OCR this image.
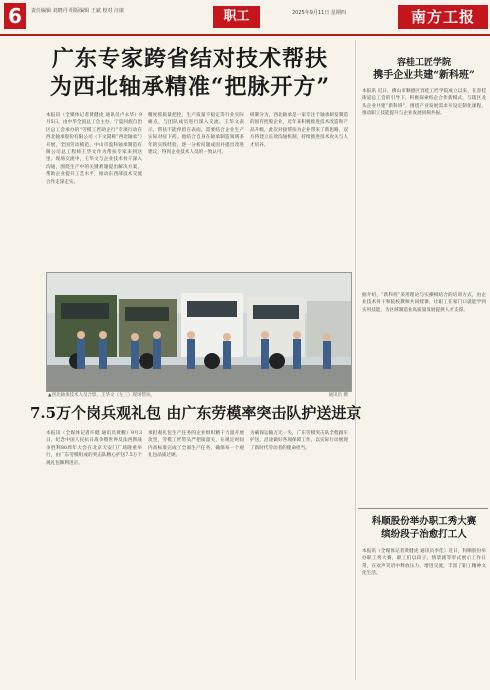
6	责任编辑 刘晓丹 组版编辑 王斌 校对 汪康	职工	2025年9月11日 星期四	南方工报
广东专家跨省结对技术帮扶
为西北轴承精准“把脉开方”
本报讯（全媒体记者黄健虎 通讯员卢永华）9月5日，由中华全国总工会主办、宁夏回族自治区总工会承办的“劳模工匠助企行”专项行动在西北轴承股份有限公司（下文简称“西北轴承”）开展，全国劳动模范、中山市盈科轴承制造有限公司总工程师王华文作为帮扶专家来到这里。现场交流中，王华文与企业技术骨干深入沟通，围绕生产中的关键难题提出解决方案，帮助企业提升工艺水平，推动东西部技术交流合作走深走实。
精度抓质量把控，生产质量不稳定等行业实际痛点，与团队成员进行深入交流。王华文表示，帮扶不能停留在表面，需要结合企业生产实际对症下药。他结合自身在轴承制造领域多年的实践经验，逐一分析问题成因并提出改进建议，得到企业技术人员的一致认可。
研制分为，西北轴承是一家专注于轴承研发制造的国有控股企业，近年来积极推进技术改造和产品升级，此次对接帮扶为企业带来了新思路，双方将建立长效沟通机制，持续推进技术攻关与人才培养。
▲西北轴承技术人员合影，王华文（左三）现场帮扶。	通讯员 摄
7.5万个岗兵观礼包 由广东劳模率突击队护送进京
本报讯（全媒体记者许健 通讯员黄鹏）9月3日，纪念中国人民抗日战争暨世界反法西斯战争胜利80周年大会在北京天安门广场隆重举行，由广东劳模组成的突击队精心护送7.5万个观礼包顺利进京。
承担观礼包生产任务的企业组织精干力量开展攻坚，劳模工匠带头严把质量关，在规定时间内高标准完成了全部生产任务，确保每一个观礼包品质过硬。
为确保运输万无一失，广东劳模突击队全程跟车护送，沿途做好各项保障工作，以实际行动展现了新时代劳动者的使命担当。
容桂工匠学院
携手企业共建“新科班”
本报讯 近日，佛山市顺德区容桂工匠学院成立以来，在容桂街道总工会的引导下，积极探索校企合作新模式，与辖区龙头企业共建“新科班”，围绕产业发展需求开设定制化课程，推动职工技能提升与企业发展同频共振。
据介绍，“新科班”采用理论与实操相结合的培训方式，由企业技术骨干和院校教师共同授课，让职工在家门口就能学到实用技能，为区域制造业高质量发展提供人才支撑。
科顺股份举办职工秀大赛
缤纷段子治愈打工人
本报讯（全媒体记者黄健虎 通讯员李佳）近日，科顺股份举办职工秀大赛，职工们以段子、情景剧等形式展示工作日常，在欢声笑语中释放压力、增进交流，丰富了职工精神文化生活。
